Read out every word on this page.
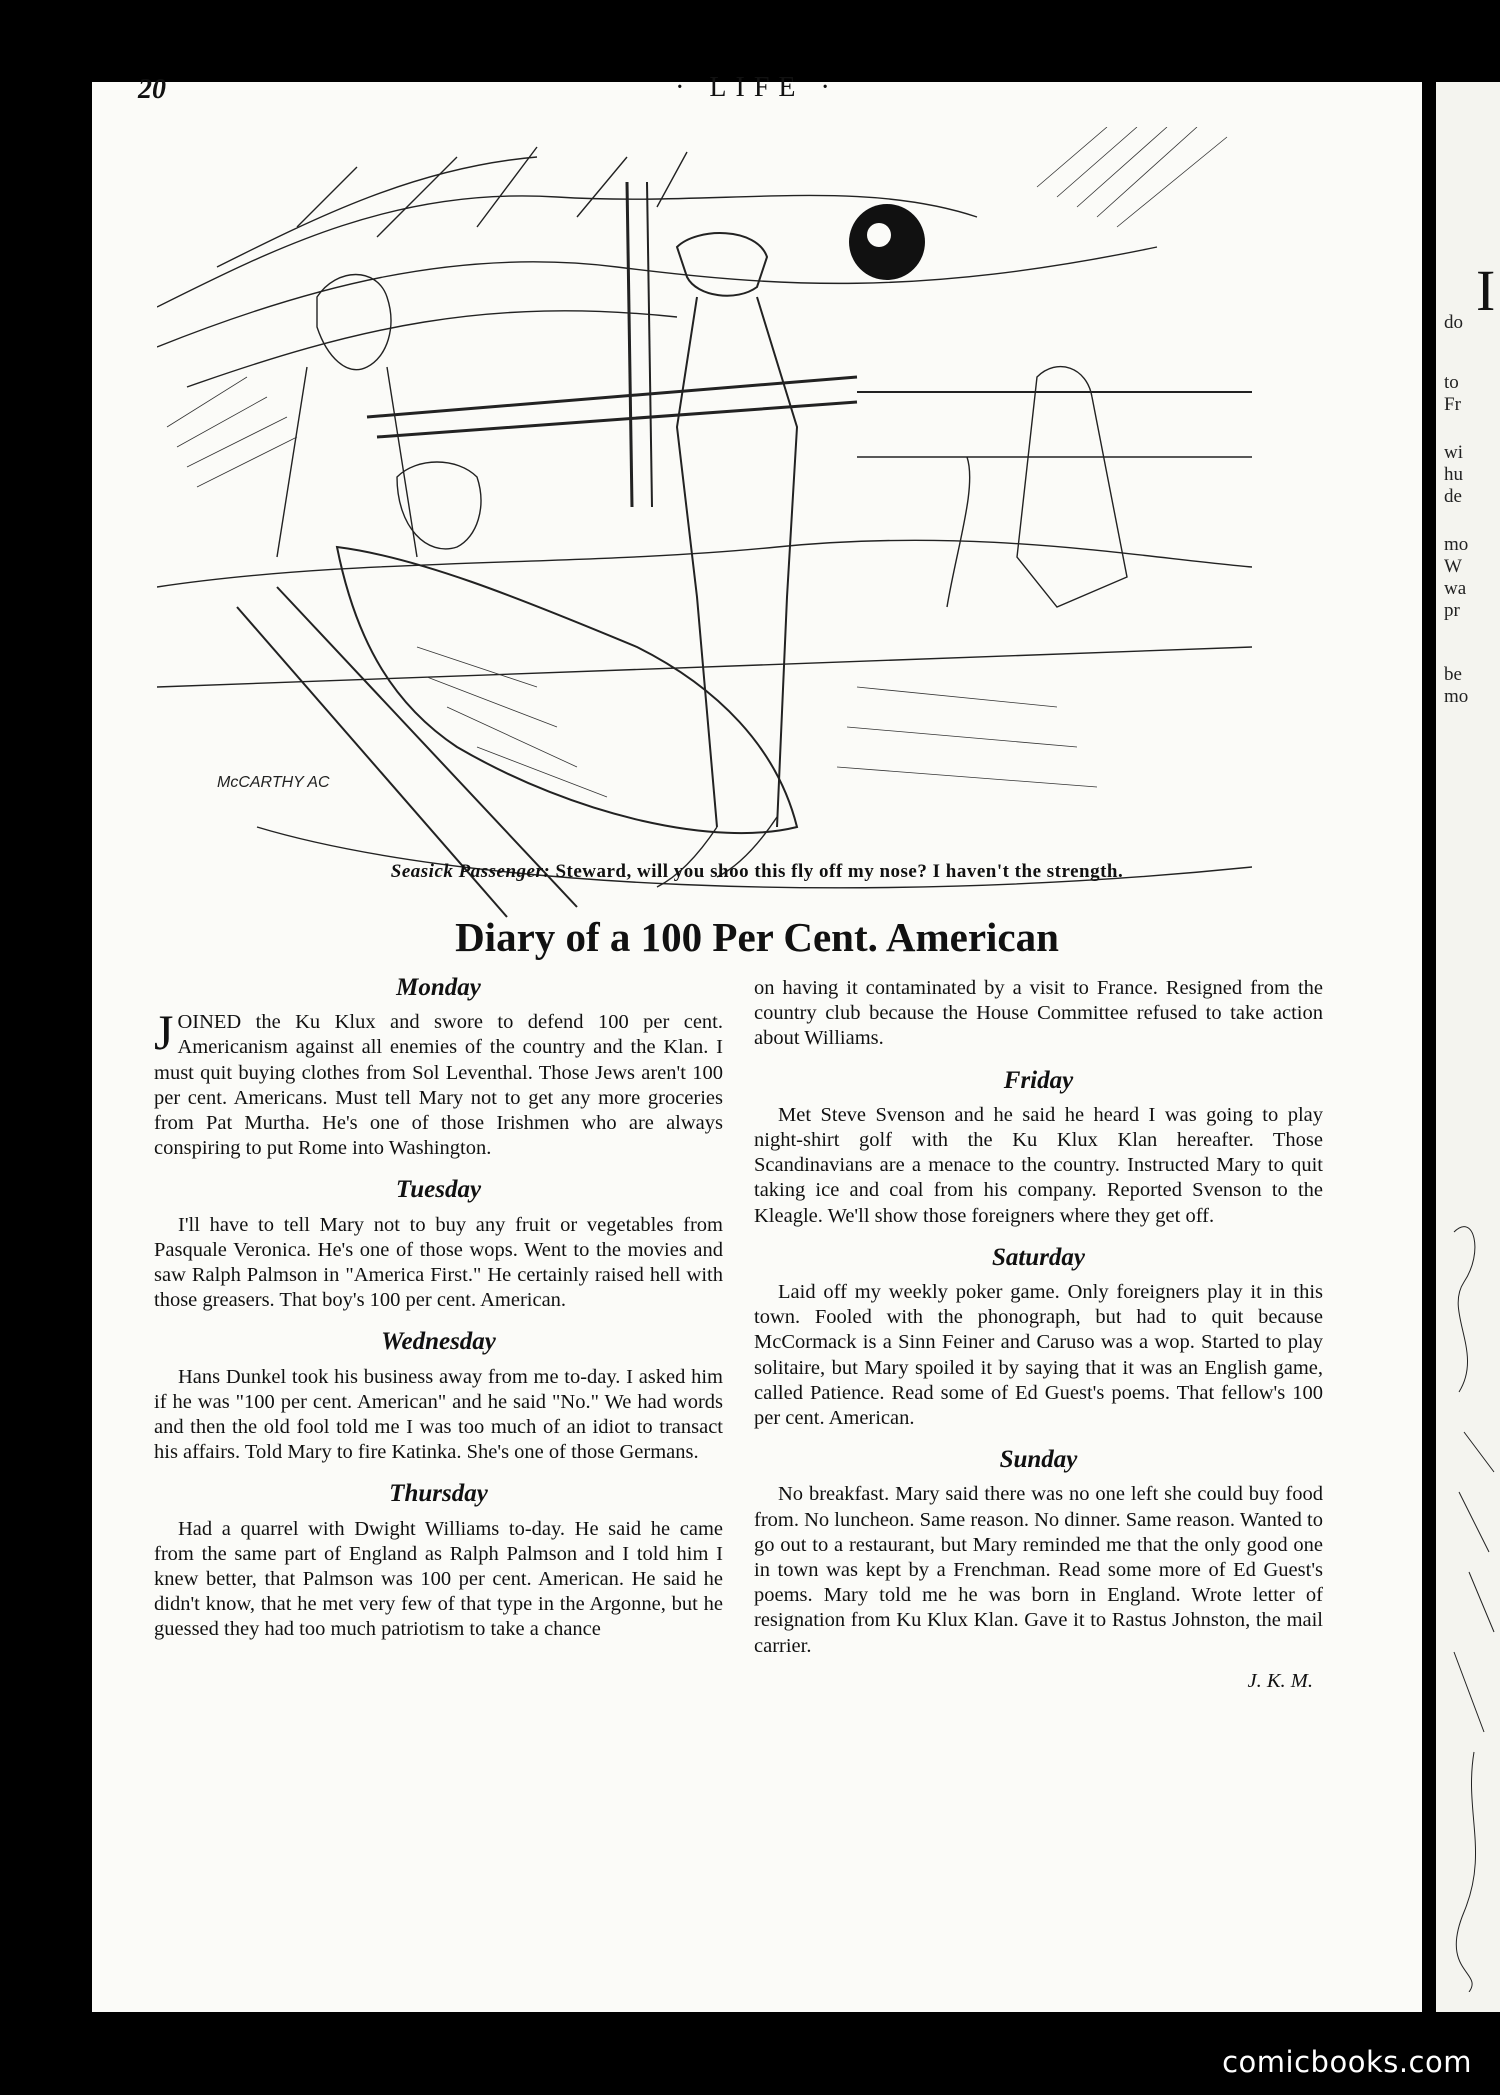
20	· LIFE ·
McCARTHY AC
Seasick Passenger: Steward, will you shoo this fly off my nose? I haven't the strength.
Diary of a 100 Per Cent. American
Monday

JOINED the Ku Klux and swore to defend 100 per cent. Americanism against all enemies of the country and the Klan. I must quit buying clothes from Sol Leventhal. Those Jews aren't 100 per cent. Americans. Must tell Mary not to get any more groceries from Pat Murtha. He's one of those Irishmen who are always conspiring to put Rome into Washington.

Tuesday

I'll have to tell Mary not to buy any fruit or vegetables from Pasquale Veronica. He's one of those wops. Went to the movies and saw Ralph Palmson in "America First." He certainly raised hell with those greasers. That boy's 100 per cent. American.

Wednesday

Hans Dunkel took his business away from me to-day. I asked him if he was "100 per cent. American" and he said "No." We had words and then the old fool told me I was too much of an idiot to transact his affairs. Told Mary to fire Katinka. She's one of those Germans.

Thursday

Had a quarrel with Dwight Williams to-day. He said he came from the same part of England as Ralph Palmson and I told him I knew better, that Palmson was 100 per cent. American. He said he didn't know, that he met very few of that type in the Argonne, but he guessed they had too much patriotism to take a chance

on having it contaminated by a visit to France. Resigned from the country club because the House Committee refused to take action about Williams.

Friday

Met Steve Svenson and he said he heard I was going to play night-shirt golf with the Ku Klux Klan hereafter. Those Scandinavians are a menace to the country. Instructed Mary to quit taking ice and coal from his company. Reported Svenson to the Kleagle. We'll show those foreigners where they get off.

Saturday

Laid off my weekly poker game. Only foreigners play it in this town. Fooled with the phonograph, but had to quit because McCormack is a Sinn Feiner and Caruso was a wop. Started to play solitaire, but Mary spoiled it by saying that it was an English game, called Patience. Read some of Ed Guest's poems. That fellow's 100 per cent. American.

Sunday

No breakfast. Mary said there was no one left she could buy food from. No luncheon. Same reason. No dinner. Same reason. Wanted to go out to a restaurant, but Mary reminded me that the only good one in town was kept by a Frenchman. Read some more of Ed Guest's poems. Mary told me he was born in England. Wrote letter of resignation from Ku Klux Klan. Gave it to Rastus Johnston, the mail carrier.

J. K. M.
I
do
to
Fr
wi
hu
de
mo
W
wa
pr
be
mo
comicbooks.com
